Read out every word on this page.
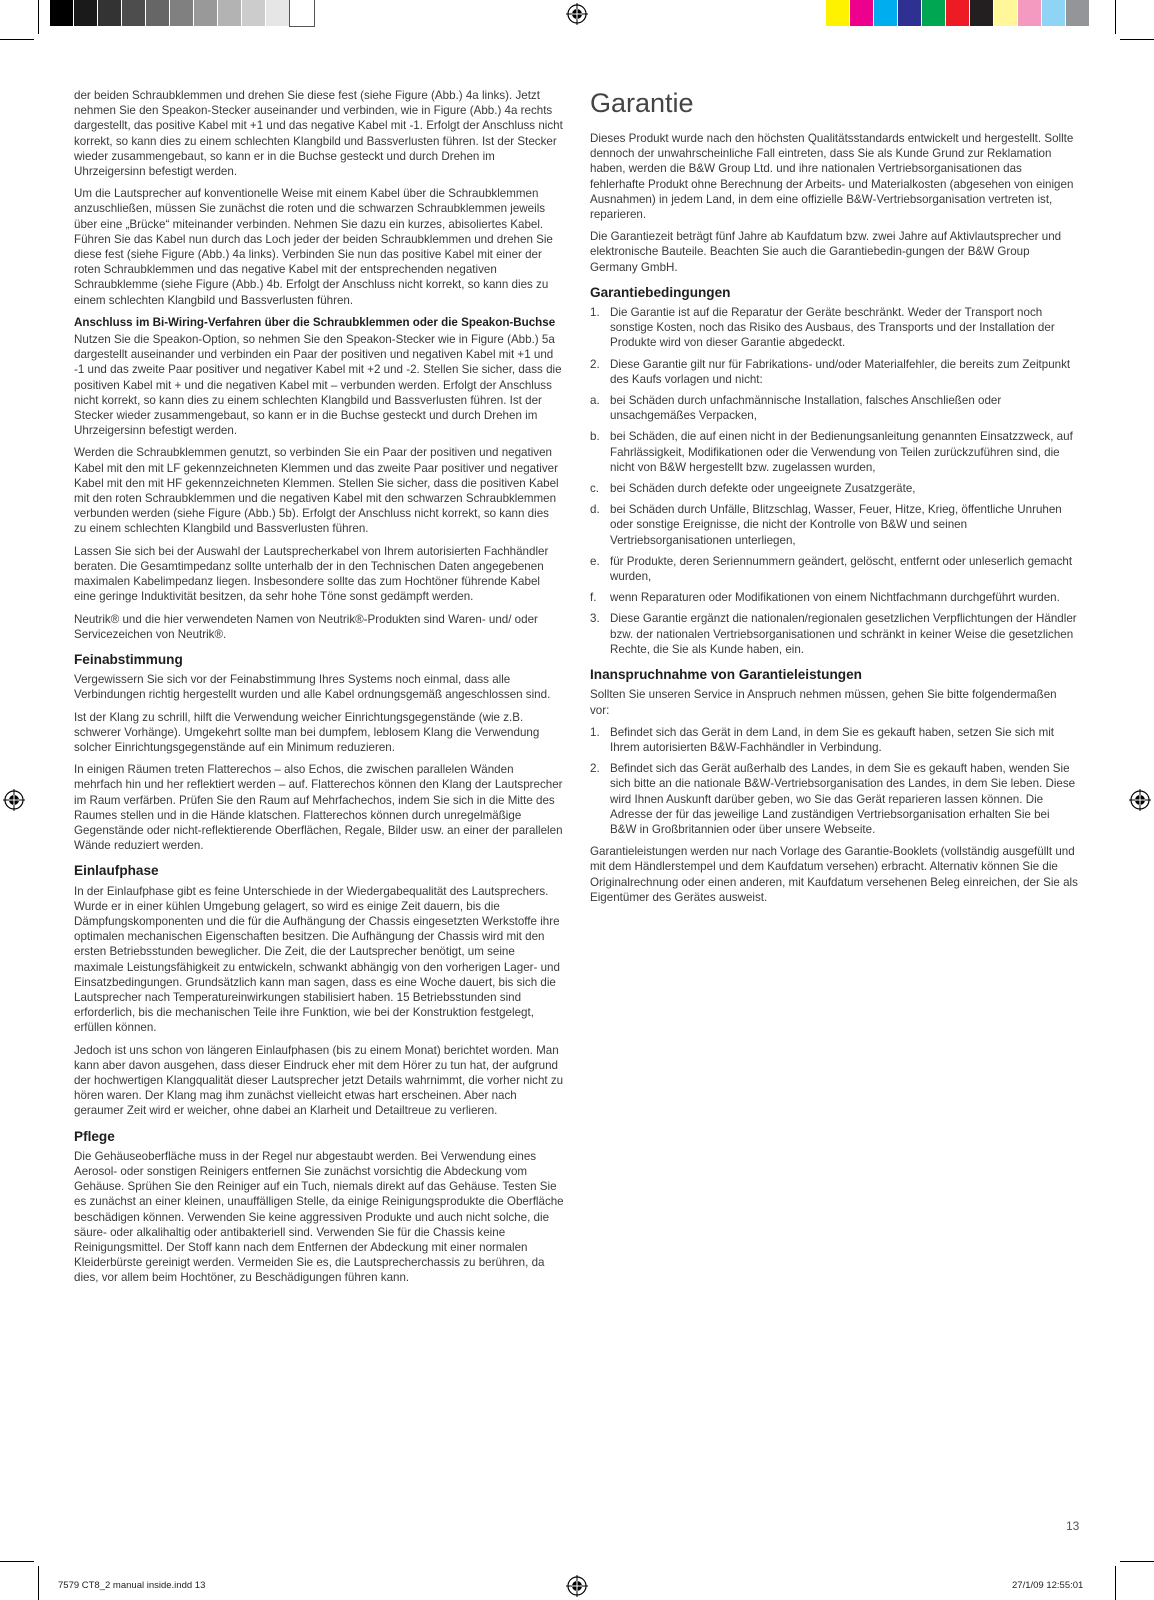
der beiden Schraubklemmen und drehen Sie diese fest (siehe Figure (Abb.) 4a links). Jetzt nehmen Sie den Speakon-Stecker auseinander und verbinden, wie in Figure (Abb.) 4a rechts dargestellt, das positive Kabel mit +1 und das negative Kabel mit -1. Erfolgt der Anschluss nicht korrekt, so kann dies zu einem schlechten Klangbild und Bassverlusten führen. Ist der Stecker wieder zusammengebaut, so kann er in die Buchse gesteckt und durch Drehen im Uhrzeigersinn befestigt werden.

Um die Lautsprecher auf konventionelle Weise mit einem Kabel über die Schraubklemmen anzuschließen, müssen Sie zunächst die roten und die schwarzen Schraubklemmen jeweils über eine „Brücke“ miteinander verbinden. Nehmen Sie dazu ein kurzes, abisoliertes Kabel. Führen Sie das Kabel nun durch das Loch jeder der beiden Schraubklemmen und drehen Sie diese fest (siehe Figure (Abb.) 4a links). Verbinden Sie nun das positive Kabel mit einer der roten Schraubklemmen und das negative Kabel mit der entsprechenden negativen Schraubklemme (siehe Figure (Abb.) 4b. Erfolgt der Anschluss nicht korrekt, so kann dies zu einem schlechten Klangbild und Bassverlusten führen.

Anschluss im Bi-Wiring-Verfahren über die Schraubklemmen oder die Speakon-Buchse

Nutzen Sie die Speakon-Option, so nehmen Sie den Speakon-Stecker wie in Figure (Abb.) 5a dargestellt auseinander und verbinden ein Paar der positiven und negativen Kabel mit +1 und -1 und das zweite Paar positiver und negativer Kabel mit +2 und -2. Stellen Sie sicher, dass die positiven Kabel mit + und die negativen Kabel mit – verbunden werden. Erfolgt der Anschluss nicht korrekt, so kann dies zu einem schlechten Klangbild und Bassverlusten führen. Ist der Stecker wieder zusammengebaut, so kann er in die Buchse gesteckt und durch Drehen im Uhrzeigersinn befestigt werden.

Werden die Schraubklemmen genutzt, so verbinden Sie ein Paar der positiven und negativen Kabel mit den mit LF gekennzeichneten Klemmen und das zweite Paar positiver und negativer Kabel mit den mit HF gekennzeichneten Klemmen. Stellen Sie sicher, dass die positiven Kabel mit den roten Schraubklemmen und die negativen Kabel mit den schwarzen Schraubklemmen verbunden werden (siehe Figure (Abb.) 5b). Erfolgt der Anschluss nicht korrekt, so kann dies zu einem schlechten Klangbild und Bassverlusten führen.

Lassen Sie sich bei der Auswahl der Lautsprecherkabel von Ihrem autorisierten Fachhändler beraten. Die Gesamtimpedanz sollte unterhalb der in den Technischen Daten angegebenen maximalen Kabelimpedanz liegen. Insbesondere sollte das zum Hochtöner führende Kabel eine geringe Induktivität besitzen, da sehr hohe Töne sonst gedämpft werden.

Neutrik® und die hier verwendeten Namen von Neutrik®-Produkten sind Waren- und/ oder Servicezeichen von Neutrik®.

Feinabstimmung

Vergewissern Sie sich vor der Feinabstimmung Ihres Systems noch einmal, dass alle Verbindungen richtig hergestellt wurden und alle Kabel ordnungsgemäß angeschlossen sind.

Ist der Klang zu schrill, hilft die Verwendung weicher Einrichtungsgegenstände (wie z.B. schwerer Vorhänge). Umgekehrt sollte man bei dumpfem, leblosem Klang die Verwendung solcher Einrichtungsgegenstände auf ein Minimum reduzieren.

In einigen Räumen treten Flatterechos – also Echos, die zwischen parallelen Wänden mehrfach hin und her reflektiert werden – auf. Flatterechos können den Klang der Lautsprecher im Raum verfärben. Prüfen Sie den Raum auf Mehrfachechos, indem Sie sich in die Mitte des Raumes stellen und in die Hände klatschen. Flatterechos können durch unregelmäßige Gegenstände oder nicht-reflektierende Oberflächen, Regale, Bilder usw. an einer der parallelen Wände reduziert werden.

Einlaufphase

In der Einlaufphase gibt es feine Unterschiede in der Wiedergabequalität des Lautsprechers. Wurde er in einer kühlen Umgebung gelagert, so wird es einige Zeit dauern, bis die Dämpfungskomponenten und die für die Aufhängung der Chassis eingesetzten Werkstoffe ihre optimalen mechanischen Eigenschaften besitzen. Die Aufhängung der Chassis wird mit den ersten Betriebsstunden beweglicher. Die Zeit, die der Lautsprecher benötigt, um seine maximale Leistungsfähigkeit zu entwickeln, schwankt abhängig von den vorherigen Lager- und Einsatzbedingungen. Grundsätzlich kann man sagen, dass es eine Woche dauert, bis sich die Lautsprecher nach Temperatureinwirkungen stabilisiert haben. 15 Betriebsstunden sind erforderlich, bis die mechanischen Teile ihre Funktion, wie bei der Konstruktion festgelegt, erfüllen können.

Jedoch ist uns schon von längeren Einlaufphasen (bis zu einem Monat) berichtet worden. Man kann aber davon ausgehen, dass dieser Eindruck eher mit dem Hörer zu tun hat, der aufgrund der hochwertigen Klangqualität dieser Lautsprecher jetzt Details wahrnimmt, die vorher nicht zu hören waren. Der Klang mag ihm zunächst vielleicht etwas hart erscheinen. Aber nach geraumer Zeit wird er weicher, ohne dabei an Klarheit und Detailtreue zu verlieren.

Pflege

Die Gehäuseoberfläche muss in der Regel nur abgestaubt werden. Bei Verwendung eines Aerosol- oder sonstigen Reinigers entfernen Sie zunächst vorsichtig die Abdeckung vom Gehäuse. Sprühen Sie den Reiniger auf ein Tuch, niemals direkt auf das Gehäuse. Testen Sie es zunächst an einer kleinen, unauffälligen Stelle, da einige Reinigungsprodukte die Oberfläche beschädigen können. Verwenden Sie keine aggressiven Produkte und auch nicht solche, die säure- oder alkalihaltig oder antibakteriell sind. Verwenden Sie für die Chassis keine Reinigungsmittel. Der Stoff kann nach dem Entfernen der Abdeckung mit einer normalen Kleiderbürste gereinigt werden. Vermeiden Sie es, die Lautsprecherchassis zu berühren, da dies, vor allem beim Hochtöner, zu Beschädigungen führen kann.

Garantie

Dieses Produkt wurde nach den höchsten Qualitätsstandards entwickelt und hergestellt. Sollte dennoch der unwahrscheinliche Fall eintreten, dass Sie als Kunde Grund zur Reklamation haben, werden die B&W Group Ltd. und ihre nationalen Vertriebsorganisationen das fehlerhafte Produkt ohne Berechnung der Arbeits- und Materialkosten (abgesehen von einigen Ausnahmen) in jedem Land, in dem eine offizielle B&W-Vertriebsorganisation vertreten ist, reparieren.

Die Garantiezeit beträgt fünf Jahre ab Kaufdatum bzw. zwei Jahre auf Aktivlautsprecher und elektronische Bauteile. Beachten Sie auch die Garantiebedin-gungen der B&W Group Germany GmbH.

Garantiebedingungen
1. Die Garantie ist auf die Reparatur der Geräte beschränkt. Weder der Transport noch sonstige Kosten, noch das Risiko des Ausbaus, des Transports und der Installation der Produkte wird von dieser Garantie abgedeckt.
2. Diese Garantie gilt nur für Fabrikations- und/oder Materialfehler, die bereits zum Zeitpunkt des Kaufs vorlagen und nicht:
a. bei Schäden durch unfachmännische Installation, falsches Anschließen oder unsachgemäßes Verpacken,
b. bei Schäden, die auf einen nicht in der Bedienungsanleitung genannten Einsatzzweck, auf Fahrlässigkeit, Modifikationen oder die Verwendung von Teilen zurückzuführen sind, die nicht von B&W hergestellt bzw. zugelassen wurden,
c. bei Schäden durch defekte oder ungeeignete Zusatzgeräte,
d. bei Schäden durch Unfälle, Blitzschlag, Wasser, Feuer, Hitze, Krieg, öffentliche Unruhen oder sonstige Ereignisse, die nicht der Kontrolle von B&W und seinen Vertriebsorganisationen unterliegen,
e. für Produkte, deren Seriennummern geändert, gelöscht, entfernt oder unleserlich gemacht wurden,
f. wenn Reparaturen oder Modifikationen von einem Nichtfachmann durchgeführt wurden.
3. Diese Garantie ergänzt die nationalen/regionalen gesetzlichen Verpflichtungen der Händler bzw. der nationalen Vertriebsorganisationen und schränkt in keiner Weise die gesetzlichen Rechte, die Sie als Kunde haben, ein.
Inanspruchnahme von Garantieleistungen

Sollten Sie unseren Service in Anspruch nehmen müssen, gehen Sie bitte folgendermaßen vor:

1. Befindet sich das Gerät in dem Land, in dem Sie es gekauft haben, setzen Sie sich mit Ihrem autorisierten B&W-Fachhändler in Verbindung.
2. Befindet sich das Gerät außerhalb des Landes, in dem Sie es gekauft haben, wenden Sie sich bitte an die nationale B&W-Vertriebsorganisation des Landes, in dem Sie leben. Diese wird Ihnen Auskunft darüber geben, wo Sie das Gerät reparieren lassen können. Die Adresse der für das jeweilige Land zuständigen Vertriebsorganisation erhalten Sie bei B&W in Großbritannien oder über unsere Webseite.

Garantieleistungen werden nur nach Vorlage des Garantie-Booklets (vollständig ausgefüllt und mit dem Händlerstempel und dem Kaufdatum versehen) erbracht. Alternativ können Sie die Originalrechnung oder einen anderen, mit Kaufdatum versehenen Beleg einreichen, der Sie als Eigentümer des Gerätes ausweist.

13
7579 CT8_2 manual inside.indd 13	27/1/09 12:55:01
